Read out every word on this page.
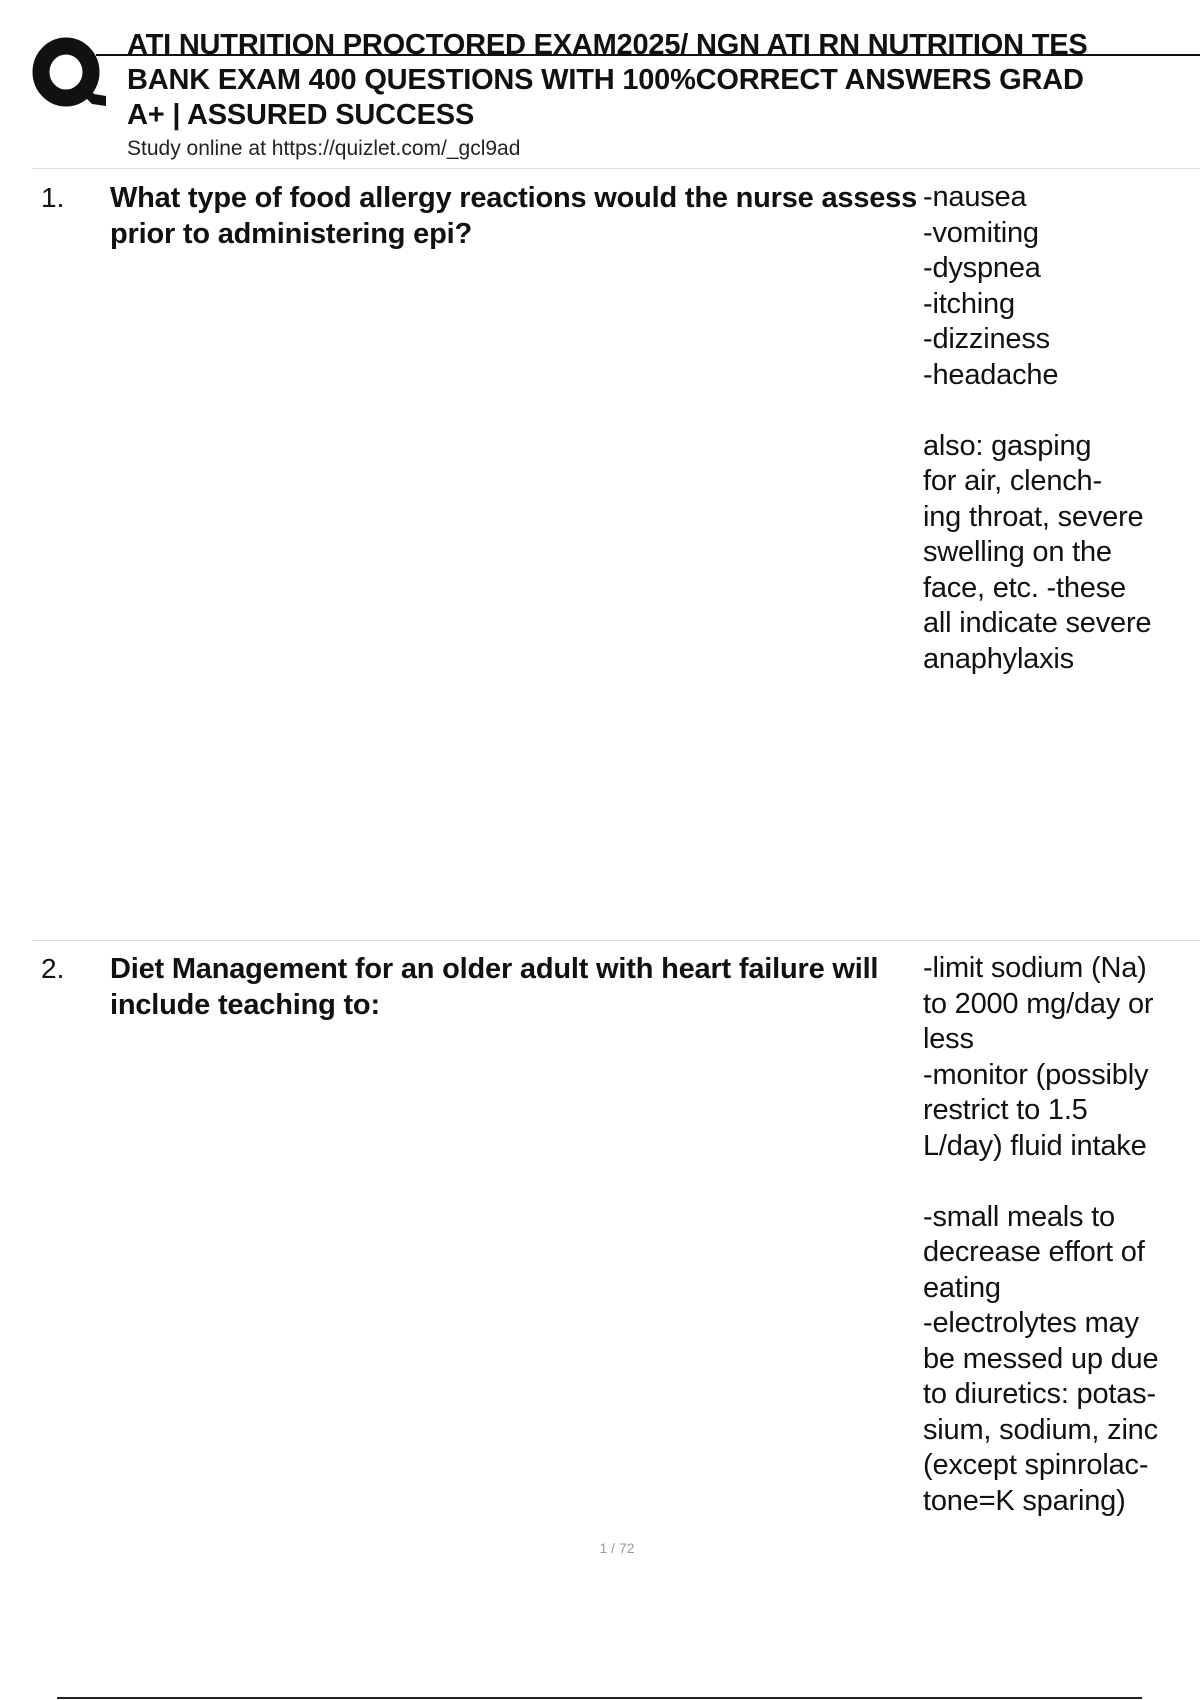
ATI NUTRITION PROCTORED EXAM2025/ NGN ATI RN NUTRITION TES
BANK EXAM 400 QUESTIONS WITH 100%CORRECT ANSWERS GRAD
A+ | ASSURED SUCCESS
Study online at https://quizlet.com/_gcl9ad
1. What type of food allergy reactions would the nurse assess prior to administering epi?
-nausea
-vomiting
-dyspnea
-itching
-dizziness
-headache
also: gasping
for air, clench-
ing throat, severe
swelling on the
face, etc. -these
all indicate severe
anaphylaxis
2. Diet Management for an older adult with heart failure will include teaching to:
-limit sodium (Na)
to 2000 mg/day or
less
-monitor (possibly
restrict to 1.5
L/day) fluid intake
-small meals to
decrease effort of
eating
-electrolytes may
be messed up due
to diuretics: potas-
sium, sodium, zinc
(except spinrolac-
tone=K sparing)
1 / 72
